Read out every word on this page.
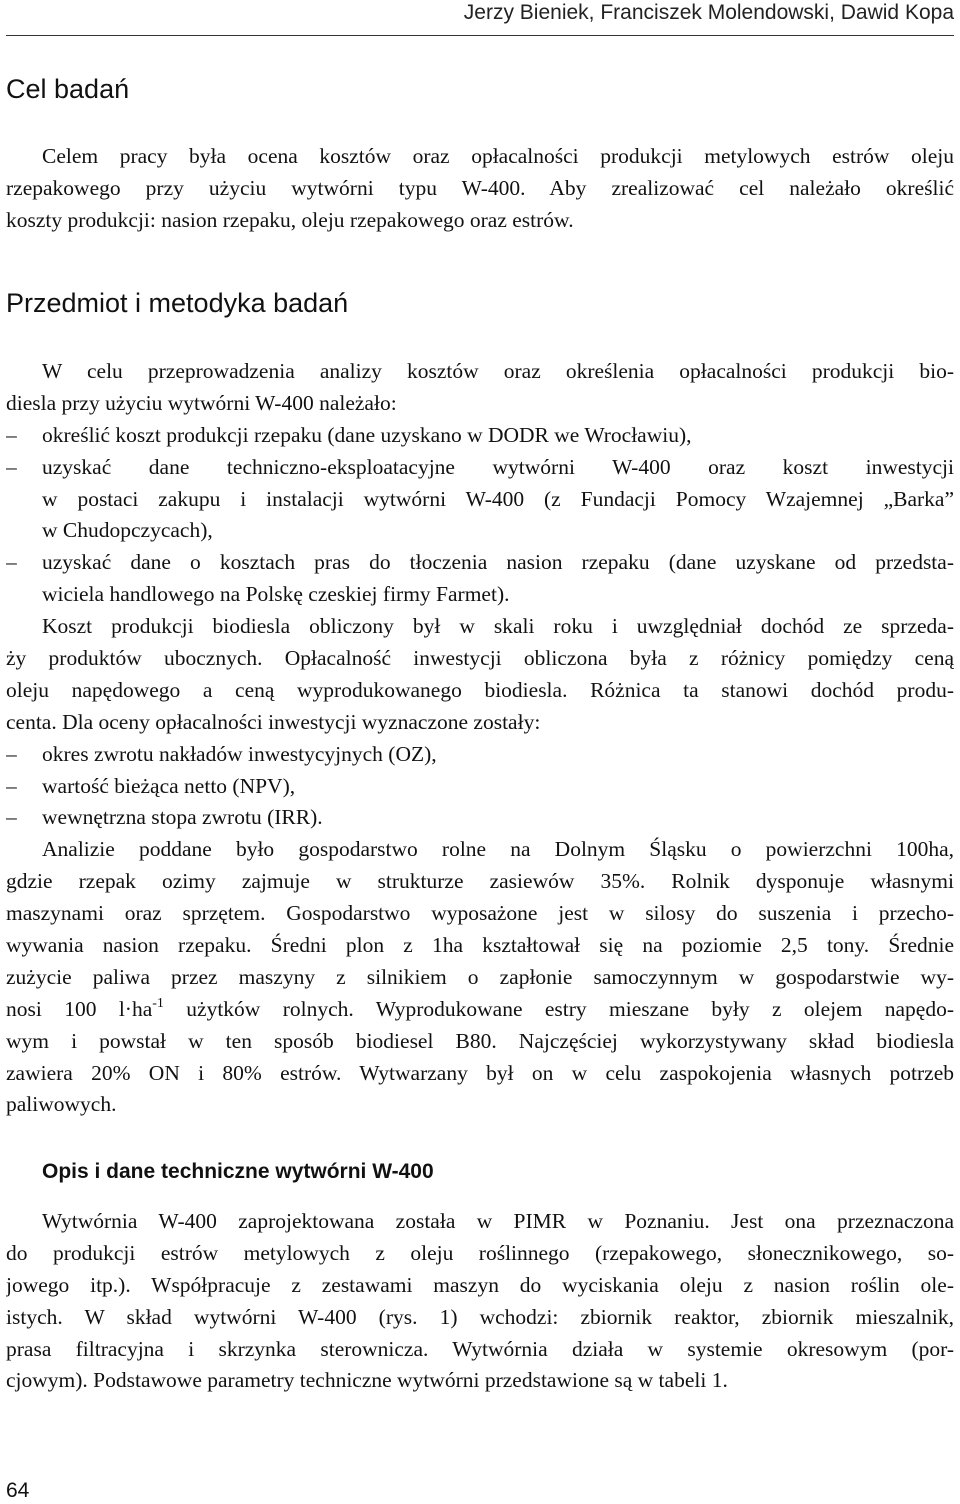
Jerzy Bieniek, Franciszek Molendowski, Dawid Kopa
Cel badań
Celem pracy była ocena kosztów oraz opłacalności produkcji metylowych estrów oleju
rzepakowego przy użyciu wytwórni typu W-400. Aby zrealizować cel należało określić
koszty produkcji: nasion rzepaku, oleju rzepakowego oraz estrów.
Przedmiot i metodyka badań
W celu przeprowadzenia analizy kosztów oraz określenia opłacalności produkcji bio-
diesla przy użyciu wytwórni W-400 należało:
– określić koszt produkcji rzepaku (dane uzyskano w DODR we Wrocławiu),
– uzyskać dane techniczno-eksploatacyjne wytwórni W-400 oraz koszt inwestycji
w postaci zakupu i instalacji wytwórni W-400 (z Fundacji Pomocy Wzajemnej „Barka”
w Chudopczycach),
– uzyskać dane o kosztach pras do tłoczenia nasion rzepaku (dane uzyskane od przedsta-
wiciela handlowego na Polskę czeskiej firmy Farmet).
Koszt produkcji biodiesla obliczony był w skali roku i uwzględniał dochód ze sprzeda-
ży produktów ubocznych. Opłacalność inwestycji obliczona była z różnicy pomiędzy ceną
oleju napędowego a ceną wyprodukowanego biodiesla. Różnica ta stanowi dochód produ-
centa. Dla oceny opłacalności inwestycji wyznaczone zostały:
– okres zwrotu nakładów inwestycyjnych (OZ),
– wartość bieżąca netto (NPV),
– wewnętrzna stopa zwrotu (IRR).
Analizie poddane było gospodarstwo rolne na Dolnym Śląsku o powierzchni 100ha,
gdzie rzepak ozimy zajmuje w strukturze zasiewów 35%. Rolnik dysponuje własnymi
maszynami oraz sprzętem. Gospodarstwo wyposażone jest w silosy do suszenia i przecho-
wywania nasion rzepaku. Średni plon z 1ha kształtował się na poziomie 2,5 tony. Średnie
zużycie paliwa przez maszyny z silnikiem o zapłonie samoczynnym w gospodarstwie wy-
nosi 100 $l\cdot ha^{-1}$ użytków rolnych. Wyprodukowane estry mieszane były z olejem napędo-
wym i powstał w ten sposób biodiesel B80. Najczęściej wykorzystywany skład biodiesla
zawiera 20% ON i 80% estrów. Wytwarzany był on w celu zaspokojenia własnych potrzeb
paliwowych.
Opis i dane techniczne wytwórni W-400
Wytwórnia W-400 zaprojektowana została w PIMR w Poznaniu. Jest ona przeznaczona
do produkcji estrów metylowych z oleju roślinnego (rzepakowego, słonecznikowego, so-
jowego itp.). Współpracuje z zestawami maszyn do wyciskania oleju z nasion roślin ole-
istych. W skład wytwórni W-400 (rys. 1) wchodzi: zbiornik reaktor, zbiornik mieszalnik,
prasa filtracyjna i skrzynka sterownicza. Wytwórnia działa w systemie okresowym (por-
cjowym). Podstawowe parametry techniczne wytwórni przedstawione są w tabeli 1.
64
